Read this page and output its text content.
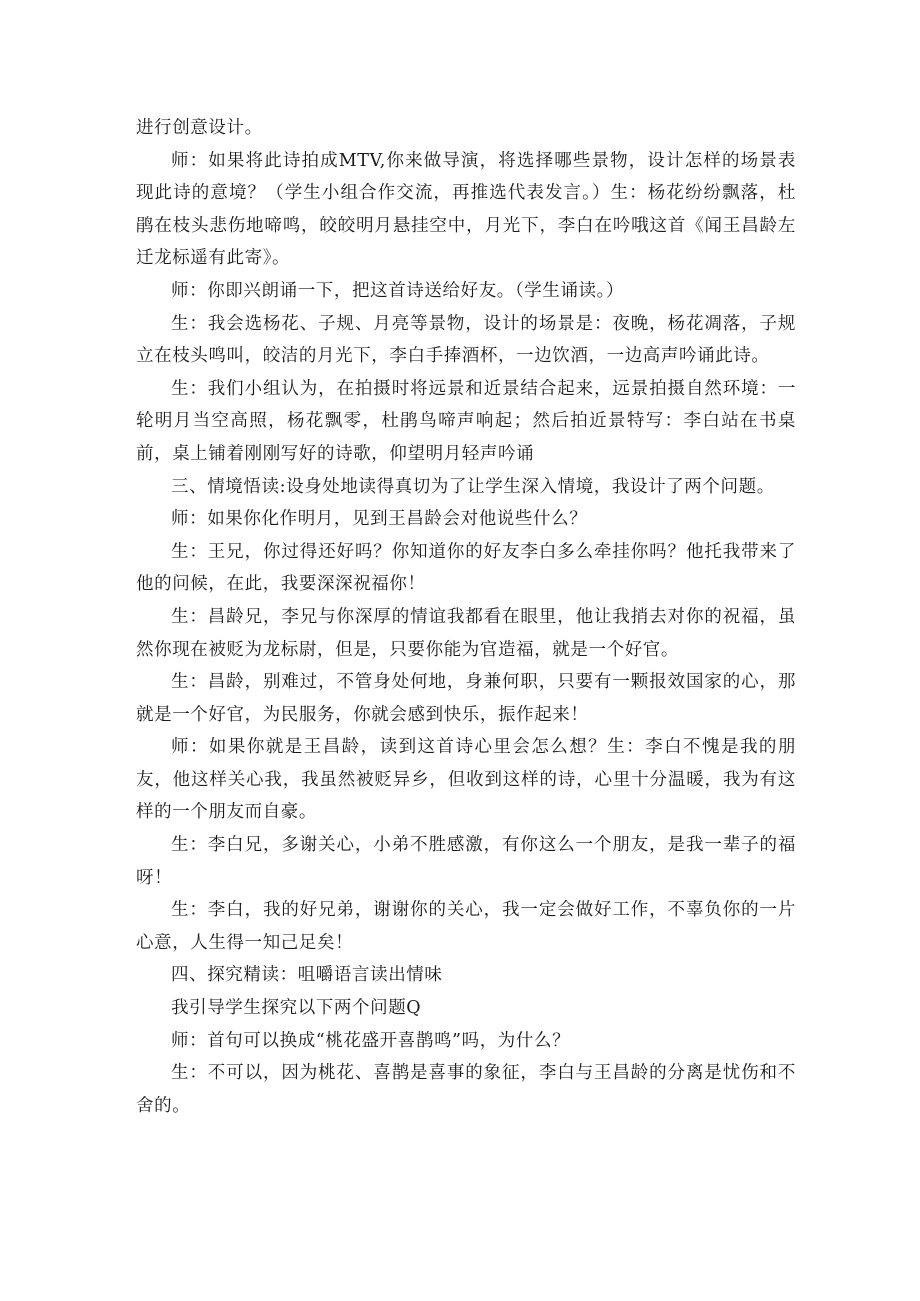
进行创意设计。

师：如果将此诗拍成MTV,你来做导演，将选择哪些景物，设计怎样的场景表现此诗的意境？（学生小组合作交流，再推选代表发言。）生：杨花纷纷飘落，杜鹃在枝头悲伤地啼鸣，皎皎明月悬挂空中，月光下，李白在吟哦这首《闻王昌龄左迁龙标遥有此寄》。

师：你即兴朗诵一下，把这首诗送给好友。（学生诵读。）

生：我会选杨花、子规、月亮等景物，设计的场景是：夜晚，杨花凋落，子规立在枝头鸣叫，皎洁的月光下，李白手捧酒杯，一边饮酒，一边高声吟诵此诗。

生：我们小组认为，在拍摄时将远景和近景结合起来，远景拍摄自然环境：一轮明月当空高照，杨花飘零，杜鹃鸟啼声响起；然后拍近景特写：李白站在书桌前，桌上铺着刚刚写好的诗歌，仰望明月轻声吟诵

三、情境悟读:设身处地读得真切为了让学生深入情境，我设计了两个问题。

师：如果你化作明月，见到王昌龄会对他说些什么？

生：王兄，你过得还好吗？你知道你的好友李白多么牵挂你吗？他托我带来了他的问候，在此，我要深深祝福你！

生：昌龄兄，李兄与你深厚的情谊我都看在眼里，他让我捎去对你的祝福，虽然你现在被贬为龙标尉，但是，只要你能为官造福，就是一个好官。

生：昌龄，别难过，不管身处何地，身兼何职，只要有一颗报效国家的心，那就是一个好官，为民服务，你就会感到快乐，振作起来！

师：如果你就是王昌龄，读到这首诗心里会怎么想？生：李白不愧是我的朋友，他这样关心我，我虽然被贬异乡，但收到这样的诗，心里十分温暖，我为有这样的一个朋友而自豪。

生：李白兄，多谢关心，小弟不胜感激，有你这么一个朋友，是我一辈子的福呀！

生：李白，我的好兄弟，谢谢你的关心，我一定会做好工作，不辜负你的一片心意，人生得一知己足矣！

四、探究精读：咀嚼语言读出情味

我引导学生探究以下两个问题Q

师：首句可以换成“桃花盛开喜鹊鸣”吗，为什么？

生：不可以，因为桃花、喜鹊是喜事的象征，李白与王昌龄的分离是忧伤和不舍的。
